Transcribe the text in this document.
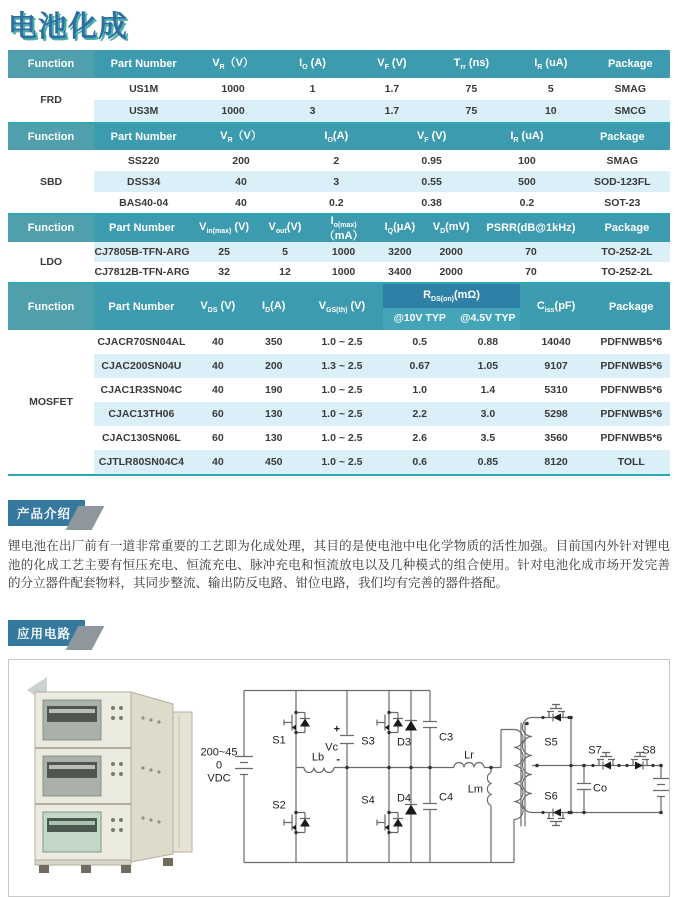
电池化成
Function	Part Number	$V_R(V)$	$I_O$ (A)	$V_F$ (V)	$T_{rr}$ (ns)	$I_R$ (uA)	Package
FRD	US1M	1000	1	1.7	75	5	SMAG
	US3M	1000	3	1.7	75	10	SMCG
Function	Part Number	$V_R(V)$	$I_O(A)$	$V_F$ (V)	$I_R$ (uA)	Package
SBD	SS220	200	2	0.95	100	SMAG
	DSS34	40	3	0.55	500	SOD-123FL
	BAS40-04	40	0.2	0.38	0.2	SOT-23
Function	Part Number	$V_{in(max)}$ (V)	$V_{out}(V)$	$I_{o(max)}(mA)$	$I_Q(\mu A)$	$V_D(mV)$	PSRR(dB@1kHz)	Package
LDO	CJ7805B-TFN-ARG	25	5	1000	3200	2000	70	TO-252-2L
	CJ7812B-TFN-ARG	32	12	1000	3400	2000	70	TO-252-2L
Function	Part Number	$V_{DS}$ (V)	$I_D(A)$	$V_{GS(th)}$ (V)	$R_{DS(on)}(m\Omega)$		$C_{iss}(pF)$	Package
					@10V TYP	@4.5V TYP		
MOSFET	CJACR70SN04AL	40	350	1.0 ~ 2.5	0.5	0.88	14040	PDFNWB5*6
	CJAC200SN04U	40	200	1.3 ~ 2.5	0.67	1.05	9107	PDFNWB5*6
	CJAC1R3SN04C	40	190	1.0 ~ 2.5	1.0	1.4	5310	PDFNWB5*6
	CJAC13TH06	60	130	1.0 ~ 2.5	2.2	3.0	5298	PDFNWB5*6
	CJAC130SN06L	60	130	1.0 ~ 2.5	2.6	3.5	3560	PDFNWB5*6
	CJTLR80SN04C4	40	450	1.0 ~ 2.5	0.6	0.85	8120	TOLL
产品介绍

锂电池在出厂前有一道非常重要的工艺即为化成处理，其目的是使电池中电化学物质的活性加强。目前国内外针对锂电池的化成工艺主要有恒压充电、恒流充电、脉冲充电和恒流放电以及几种模式的组合使用。针对电池化成市场开发完善的分立器件配套物料，其同步整流、输出防反电路、钳位电路，我们均有完善的器件搭配。

应用电路
200~45
0
VDC
S1
S2
Lb
+
Vc
-
S3
S4
D3
D4
C3
C4
Lr
Lm
S5
S6
S7	S8
Co
